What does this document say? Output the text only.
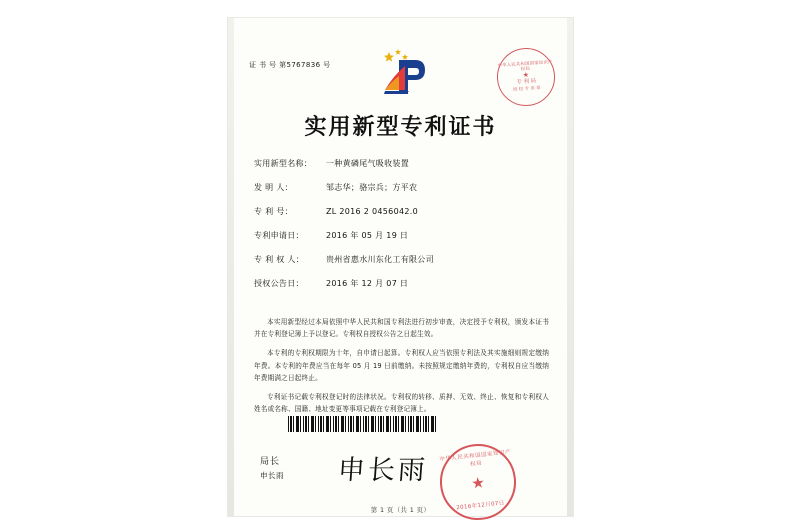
证 书 号 第5767836 号	中华人民共和国国家知识产权局
★
专 利 局
授 权 专 用 章
实用新型专利证书
实用新型名称： 一种黄磷尾气吸收装置
发 明 人：	邹志华；骆宗兵；方平农
专 利 号：	ZL 2016 2 0456042.0
专利申请日：	2016 年 05 月 19 日
专 利 权 人：	贵州省惠水川东化工有限公司
授权公告日：	2016 年 12 月 07 日

本实用新型经过本局依照中华人民共和国专利法进行初步审查，决定授予专利权，颁发本证书并在专利登记簿上予以登记。专利权自授权公告之日起生效。

本专利的专利权期限为十年，自申请日起算。专利权人应当依照专利法及其实施细则规定缴纳年费。本专利的年费应当在每年 05 月 19 日前缴纳。未按照规定缴纳年费的，专利权自应当缴纳年费期满之日起终止。

专利证书记载专利权登记时的法律状况。专利权的转移、质押、无效、终止、恢复和专利权人姓名或名称、国籍、地址变更等事项记载在专利登记簿上。

局长
申长雨 申长雨 中华人民共和国国家知识产权局
★
2016年12月07日
第 1 页（共 1 页）
